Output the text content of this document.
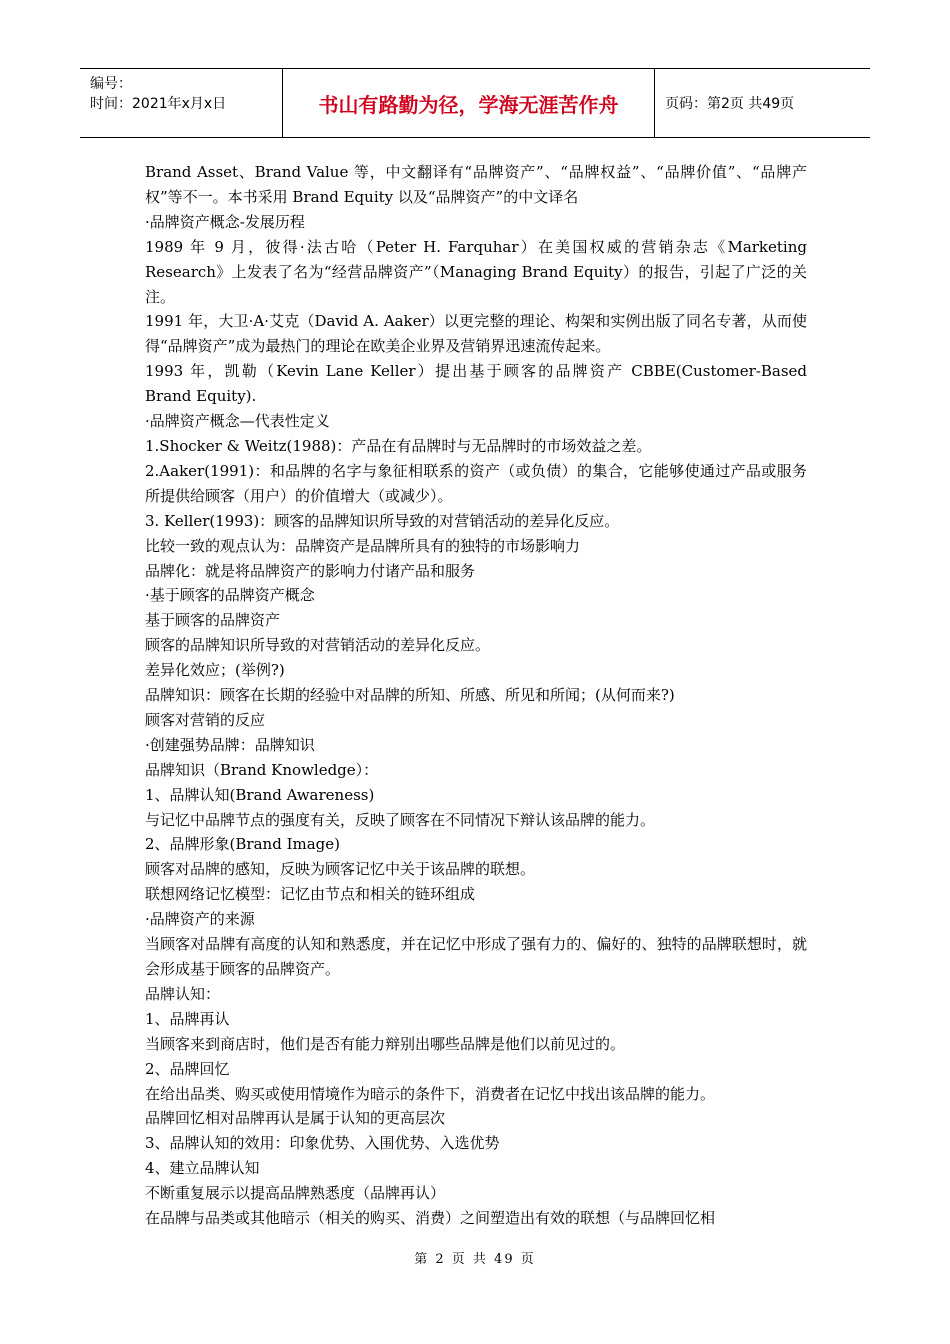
编号：
时间：2021年x月x日	书山有路勤为径，学海无涯苦作舟	页码：第2页 共49页

Brand Asset、Brand Value 等，中文翻译有“品牌资产”、“品牌权益”、“品牌价值”、“品牌产权”等不一。本书采用 Brand Equity 以及“品牌资产”的中文译名

·品牌资产概念-发展历程

1989 年 9 月，彼得·法古哈（Peter H. Farquhar）在美国权威的营销杂志《Marketing Research》上发表了名为“经营品牌资产”（Managing Brand Equity）的报告，引起了广泛的关注。

1991 年，大卫·A·艾克（David A. Aaker）以更完整的理论、构架和实例出版了同名专著，从而使得“品牌资产”成为最热门的理论在欧美企业界及营销界迅速流传起来。

1993 年，凯勒（Kevin Lane Keller）提出基于顾客的品牌资产 CBBE(Customer-Based Brand Equity).

·品牌资产概念—代表性定义

1.Shocker & Weitz(1988)：产品在有品牌时与无品牌时的市场效益之差。

2.Aaker(1991)：和品牌的名字与象征相联系的资产（或负债）的集合，它能够使通过产品或服务所提供给顾客（用户）的价值增大（或减少）。

3. Keller(1993)：顾客的品牌知识所导致的对营销活动的差异化反应。

比较一致的观点认为：品牌资产是品牌所具有的独特的市场影响力

品牌化：就是将品牌资产的影响力付诸产品和服务

·基于顾客的品牌资产概念

基于顾客的品牌资产

顾客的品牌知识所导致的对营销活动的差异化反应。

差异化效应；(举例?)

品牌知识：顾客在长期的经验中对品牌的所知、所感、所见和所闻；(从何而来?)

顾客对营销的反应

·创建强势品牌：品牌知识

品牌知识（Brand Knowledge）：

1、品牌认知(Brand Awareness)

与记忆中品牌节点的强度有关，反映了顾客在不同情况下辩认该品牌的能力。

2、品牌形象(Brand Image)

顾客对品牌的感知，反映为顾客记忆中关于该品牌的联想。

联想网络记忆模型：记忆由节点和相关的链环组成

·品牌资产的来源

当顾客对品牌有高度的认知和熟悉度，并在记忆中形成了强有力的、偏好的、独特的品牌联想时，就会形成基于顾客的品牌资产。

品牌认知：

1、品牌再认

当顾客来到商店时，他们是否有能力辩别出哪些品牌是他们以前见过的。

2、品牌回忆

在给出品类、购买或使用情境作为暗示的条件下，消费者在记忆中找出该品牌的能力。

品牌回忆相对品牌再认是属于认知的更高层次

3、品牌认知的效用：印象优势、入围优势、入选优势

4、建立品牌认知

不断重复展示以提高品牌熟悉度（品牌再认）

在品牌与品类或其他暗示（相关的购买、消费）之间塑造出有效的联想（与品牌回忆相

第 2 页 共 49 页
